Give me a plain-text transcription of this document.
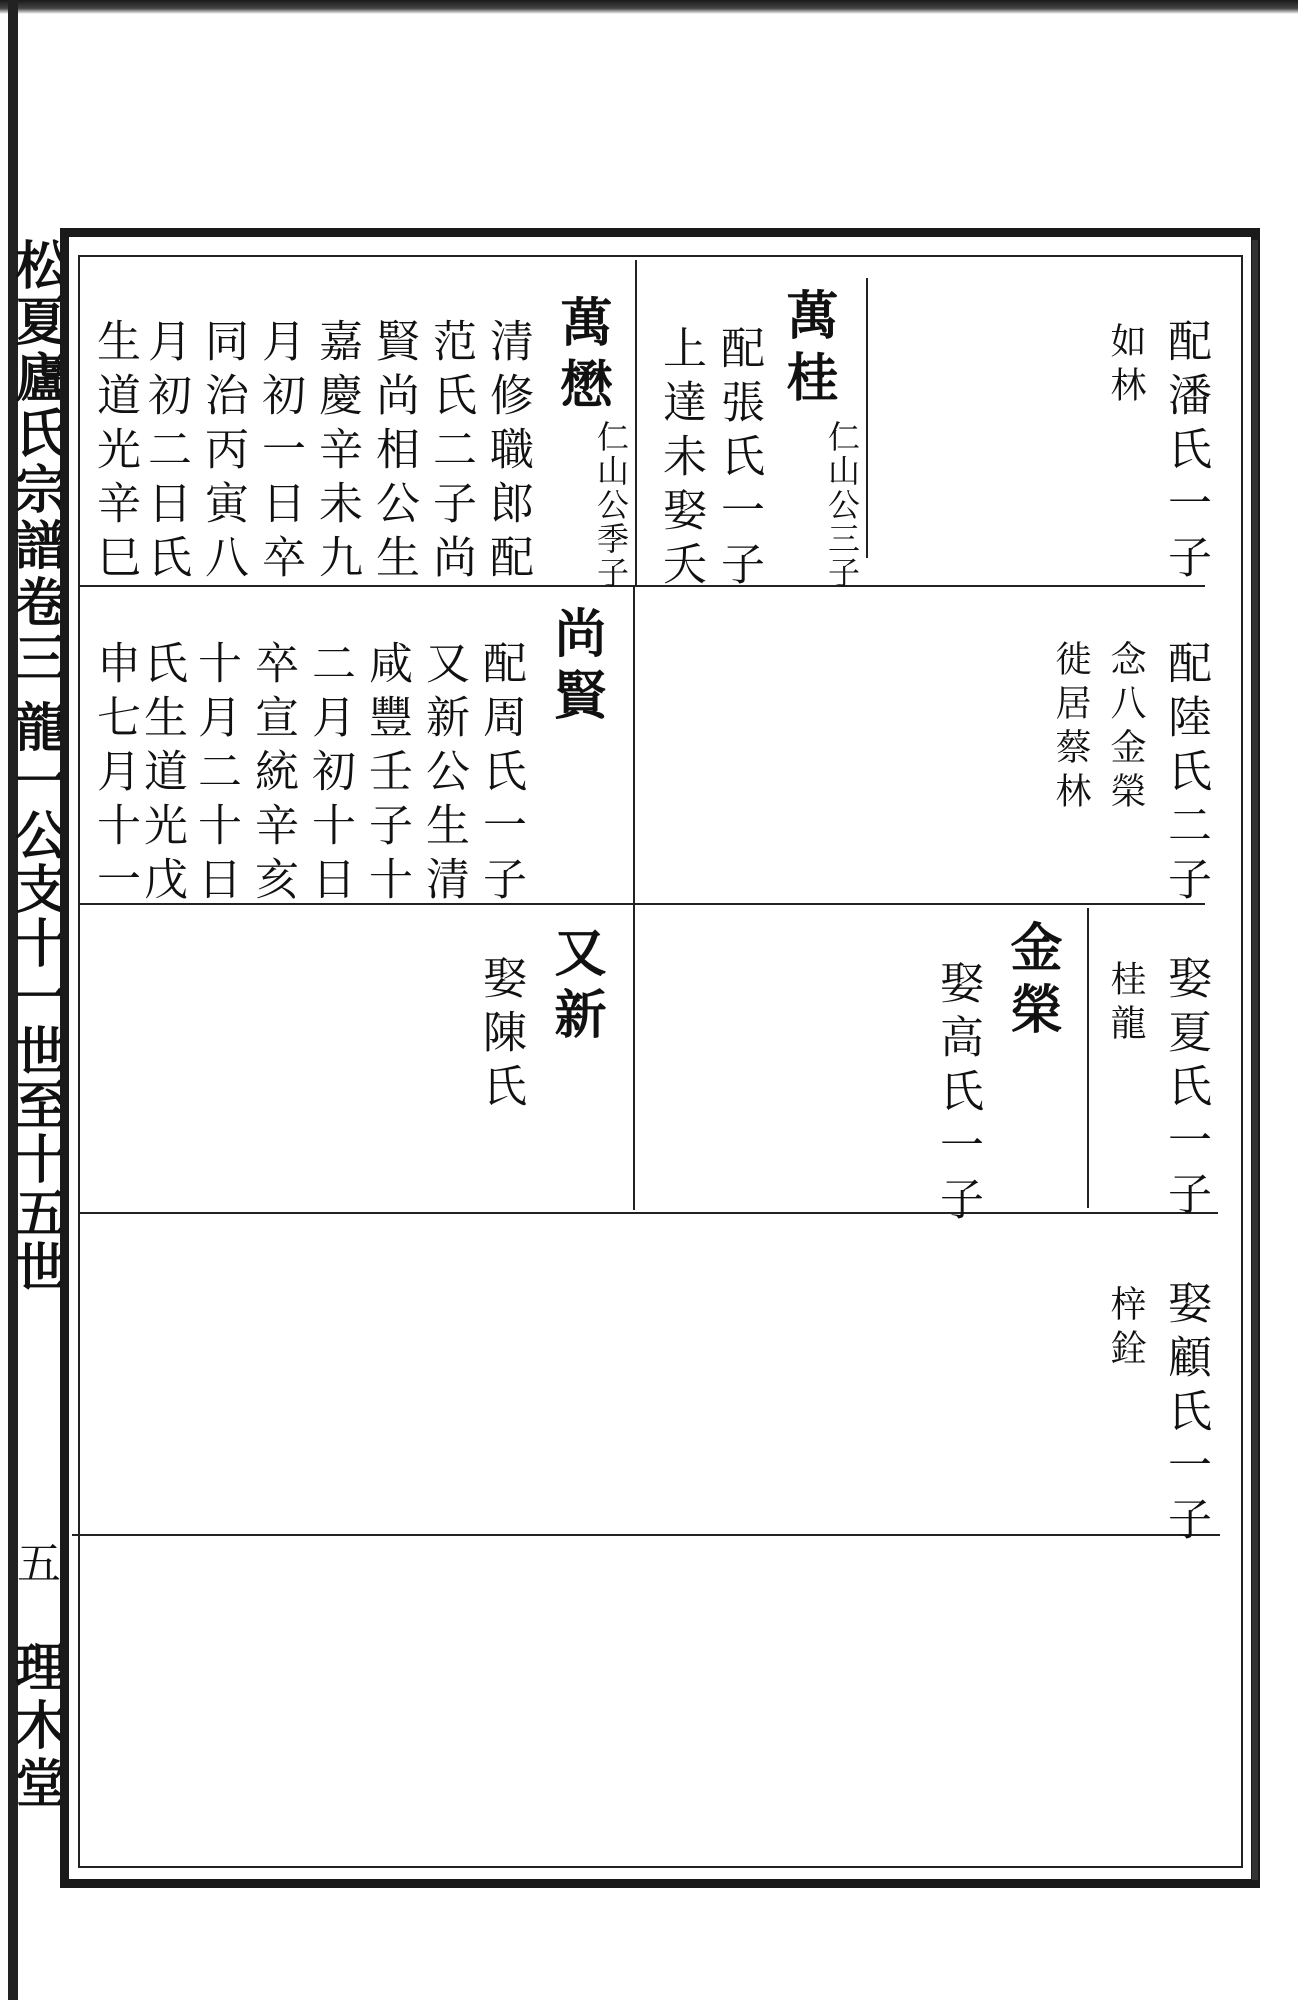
松夏廬氏宗譜
卷三
龍一公支十一世至十五世
五
理木堂
配潘氏一子
如林
萬桂
仁山公三子
配張氏一子
上達未娶夭
萬懋
仁山公季子
清修職郎配
范氏二子尚
賢尚相公生
嘉慶辛未九
月初一日卒
同治丙寅八
月初二日氏
生道光辛巳
配陸氏二子
念八金榮
徙居蔡林
尚賢
配周氏一子
又新公生清
咸豐壬子十
二月初十日
卒宣統辛亥
十月二十日
氏生道光戊
申七月十一
娶夏氏一子
桂龍
金榮
娶高氏一子
又新
娶陳氏
娶顧氏一子
梓銓
